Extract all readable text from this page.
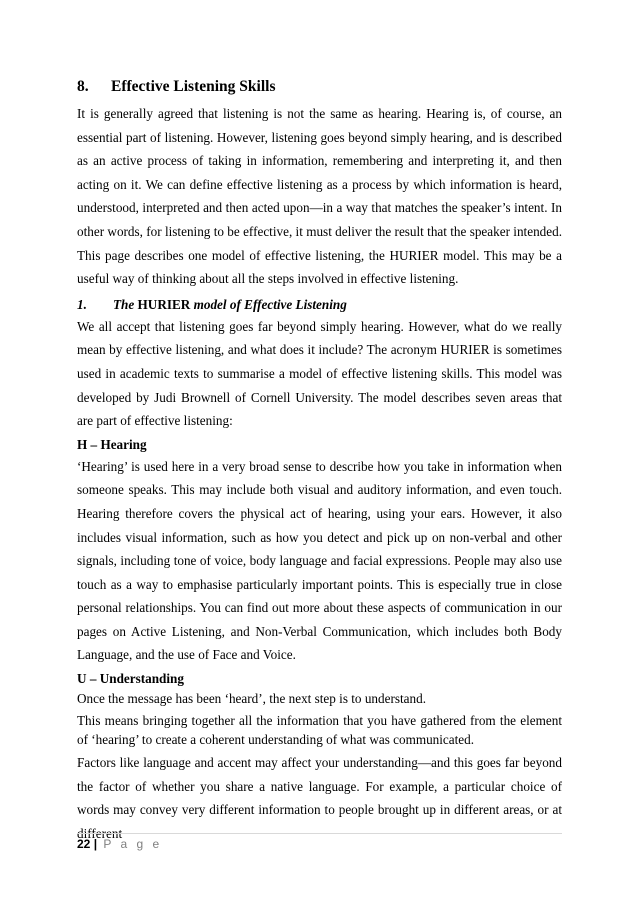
8. Effective Listening Skills

It is generally agreed that listening is not the same as hearing. Hearing is, of course, an essential part of listening. However, listening goes beyond simply hearing, and is described as an active process of taking in information, remembering and interpreting it, and then acting on it. We can define effective listening as a process by which information is heard, understood, interpreted and then acted upon—in a way that matches the speaker’s intent. In other words, for listening to be effective, it must deliver the result that the speaker intended. This page describes one model of effective listening, the HURIER model. This may be a useful way of thinking about all the steps involved in effective listening.

1. The HURIER model of Effective Listening

We all accept that listening goes far beyond simply hearing. However, what do we really mean by effective listening, and what does it include? The acronym HURIER is sometimes used in academic texts to summarise a model of effective listening skills. This model was developed by Judi Brownell of Cornell University. The model describes seven areas that are part of effective listening:

H – Hearing

‘Hearing’ is used here in a very broad sense to describe how you take in information when someone speaks. This may include both visual and auditory information, and even touch. Hearing therefore covers the physical act of hearing, using your ears. However, it also includes visual information, such as how you detect and pick up on non-verbal and other signals, including tone of voice, body language and facial expressions. People may also use touch as a way to emphasise particularly important points. This is especially true in close personal relationships. You can find out more about these aspects of communication in our pages on Active Listening, and Non-Verbal Communication, which includes both Body Language, and the use of Face and Voice.

U – Understanding

Once the message has been ‘heard’, the next step is to understand.

This means bringing together all the information that you have gathered from the element of ‘hearing’ to create a coherent understanding of what was communicated.

Factors like language and accent may affect your understanding—and this goes far beyond the factor of whether you share a native language. For example, a particular choice of words may convey very different information to people brought up in different areas, or at different

22 | P a g e
